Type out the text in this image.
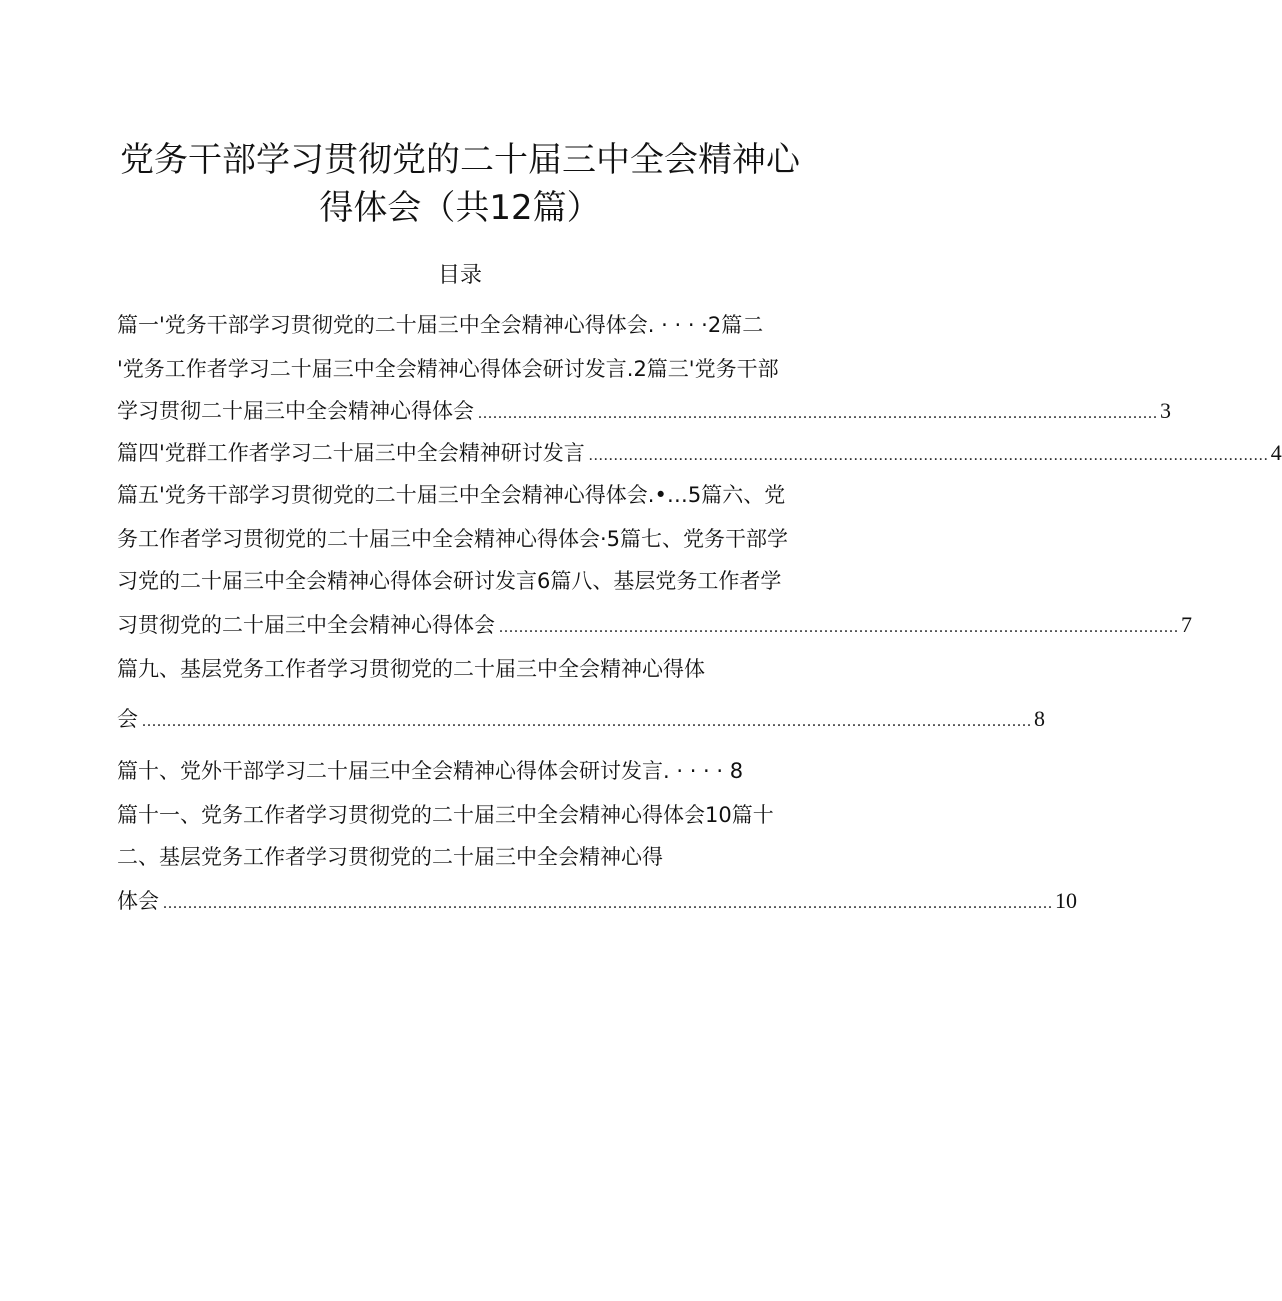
党务干部学习贯彻党的二十届三中全会精神心
得体会（共12篇）
目录
篇一'党务干部学习贯彻党的二十届三中全会精神心得体会. · · · ·2篇二
'党务工作者学习二十届三中全会精神心得体会研讨发言.2篇三'党务干部
学习贯彻二十届三中全会精神心得体会 ........................................................................................................................................ 3
篇四'党群工作者学习二十届三中全会精神研讨发言 ........................................................................................................................................ 4
篇五'党务干部学习贯彻党的二十届三中全会精神心得体会.•…5篇六、党
务工作者学习贯彻党的二十届三中全会精神心得体会·5篇七、党务干部学
习党的二十届三中全会精神心得体会研讨发言6篇八、基层党务工作者学
习贯彻党的二十届三中全会精神心得体会 ........................................................................................................................................ 7
篇九、基层党务工作者学习贯彻党的二十届三中全会精神心得体
会 .................................................................................................................................................................................. 8
篇十、党外干部学习二十届三中全会精神心得体会研讨发言. · · · · 8
篇十一、党务工作者学习贯彻党的二十届三中全会精神心得体会10篇十
二、基层党务工作者学习贯彻党的二十届三中全会精神心得
体会 .................................................................................................................................................................................. 10
